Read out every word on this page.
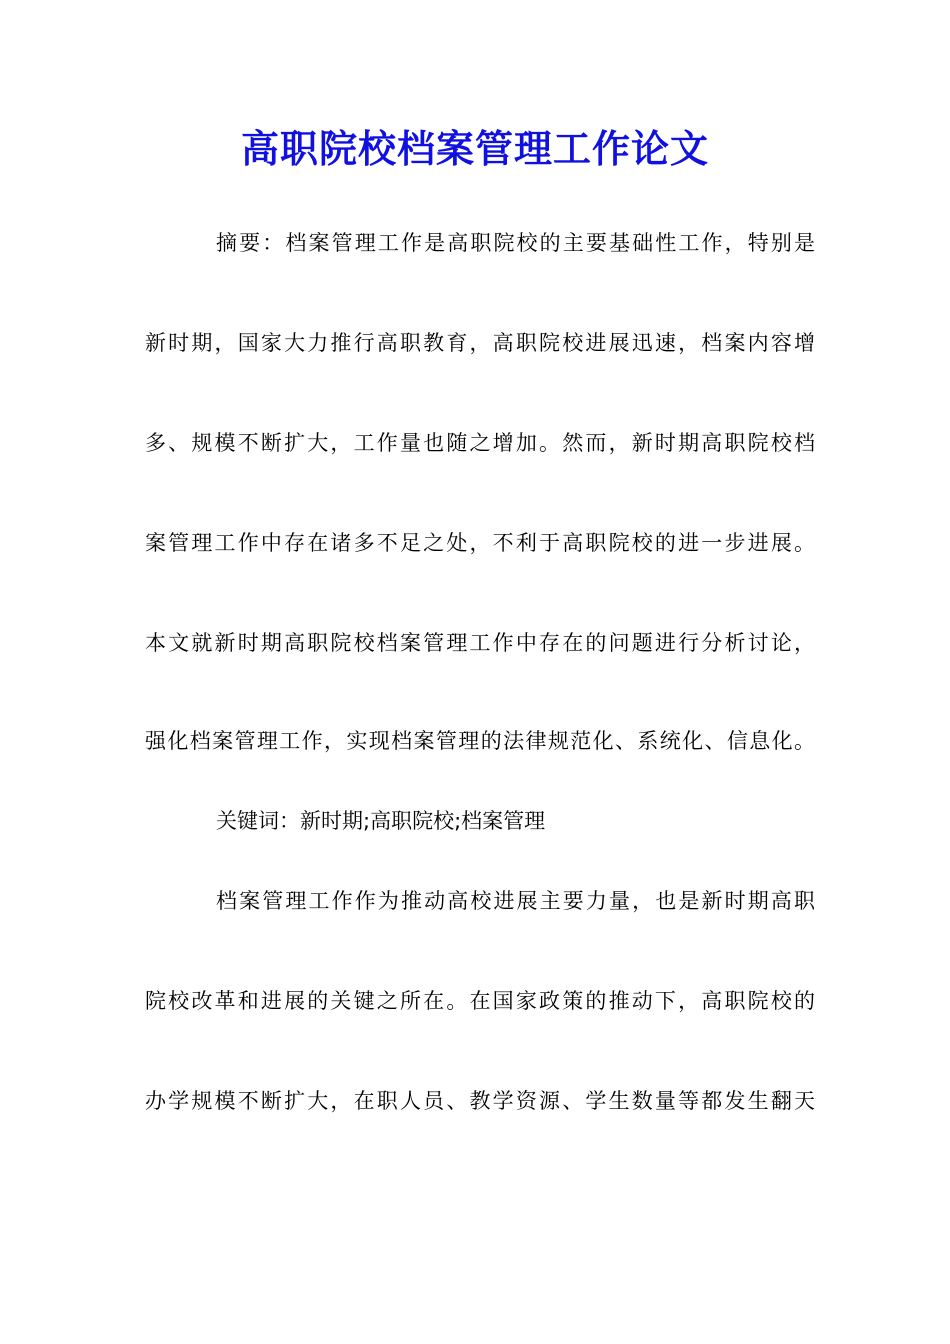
高职院校档案管理工作论文
摘要：档案管理工作是高职院校的主要基础性工作，特别是
新时期，国家大力推行高职教育，高职院校进展迅速，档案内容增
多、规模不断扩大，工作量也随之增加。然而，新时期高职院校档
案管理工作中存在诸多不足之处，不利于高职院校的进一步进展。
本文就新时期高职院校档案管理工作中存在的问题进行分析讨论，
强化档案管理工作，实现档案管理的法律规范化、系统化、信息化。
关键词：新时期;高职院校;档案管理
档案管理工作作为推动高校进展主要力量，也是新时期高职
院校改革和进展的关键之所在。在国家政策的推动下，高职院校的
办学规模不断扩大，在职人员、教学资源、学生数量等都发生翻天
